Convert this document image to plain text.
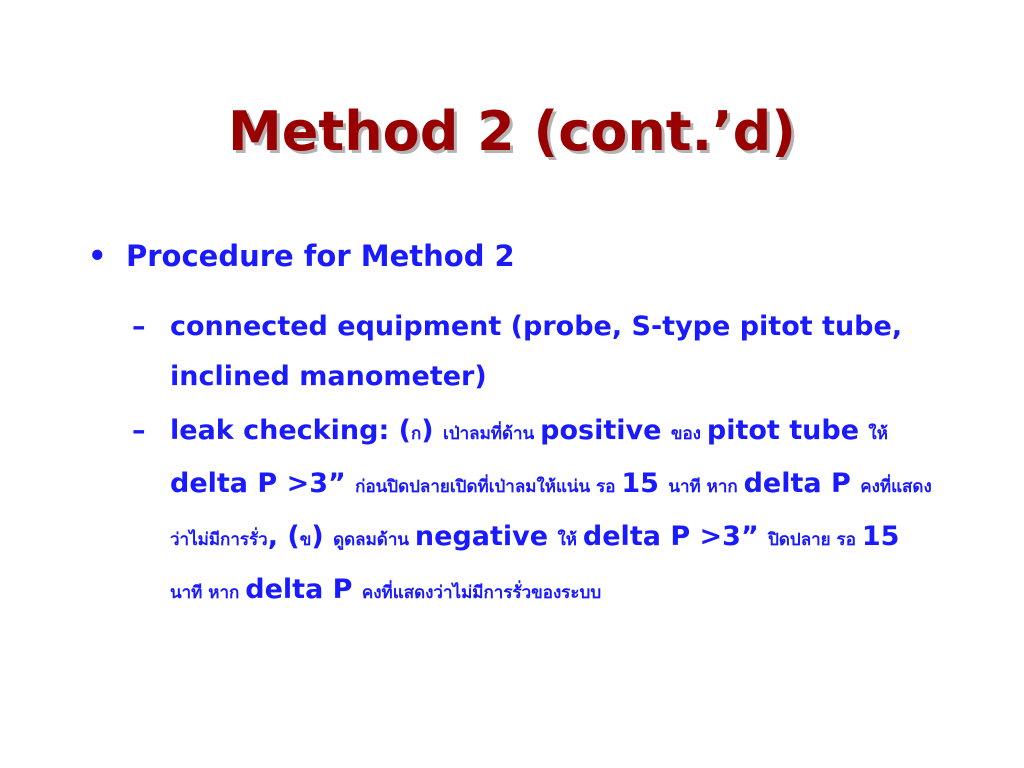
Method 2 (cont.’d)
• Procedure for Method 2
– connected equipment (probe, S-type pitot tube, inclined manometer)
– leak checking: (ก) เป่าลมที่ด้าน positive ของ pitot tube ให้ delta P >3” ก่อนปิดปลายเปิดที่เป่าลมให้แน่น รอ 15 นาที หาก delta P คงที่แสดงว่าไม่มีการรั่ว, (ข) ดูดลมด้าน negative ให้ delta P >3” ปิดปลาย รอ 15 นาที หาก delta P คงที่แสดงว่าไม่มีการรั่วของระบบ
